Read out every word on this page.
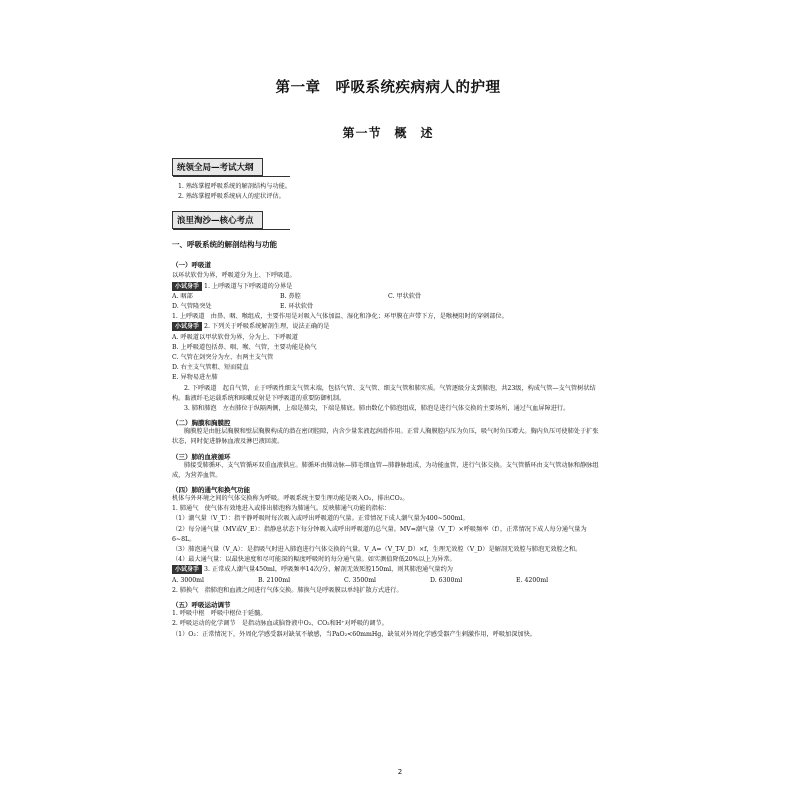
第一章　呼吸系统疾病病人的护理
第一节　概　述
统领全局—考试大纲
1. 熟练掌握呼吸系统的解剖结构与功能。
2. 熟练掌握呼吸系统病人的症状评估。
浪里淘沙—核心考点
一、呼吸系统的解剖结构与功能
（一）呼吸道
以环状软骨为界，呼吸道分为上、下呼吸道。
小试身手 1. 上呼吸道与下呼吸道的分界是
A. 咽部	B. 鼻腔	C. 甲状软骨
D. 气管隆突处	E. 环状软骨
1. 上呼吸道　由鼻、咽、喉组成，主要作用是对吸入气体加温、湿化和净化；环甲膜在声带下方，是喉梗阻时的穿刺部位。
小试身手 2. 下列关于呼吸系统解剖生理，说法正确的是
A. 呼吸道以甲状软骨为界，分为上、下呼吸道
B. 上呼吸道包括鼻、咽、喉、气管，主要功能是换气
C. 气管在剑突分为左、右两主支气管
D. 右主支气管粗、短而陡直
E. 异物易进左肺
2. 下呼吸道　起自气管，止于呼吸性细支气管末端，包括气管、支气管、细支气管和肺实质。气管逐级分支到肺泡，共23级，构成气管—支气管树状结构。黏液纤毛运载系统和咳嗽反射是下呼吸道的重要防御机制。
3. 肺和肺泡　左右肺位于纵隔两侧，上端是肺尖，下端是肺底。肺由数亿个肺泡组成，肺泡是进行气体交换的主要场所，通过气血屏障进行。
（二）胸膜和胸膜腔
胸膜腔是由脏层胸膜和壁层胸膜构成的潜在密闭腔隙，内含少量浆液起润滑作用。正常人胸膜腔内压为负压，吸气时负压增大。胸内负压可使肺处于扩张状态，同时促进静脉血液及淋巴液回流。
（三）肺的血液循环
肺接受肺循环、支气管循环双重血液供应。肺循环由肺动脉—肺毛细血管—肺静脉组成，为功能血管，进行气体交换。支气管循环由支气管动脉和静脉组成，为营养血管。
（四）肺的通气和换气功能
机体与外环境之间的气体交换称为呼吸。呼吸系统主要生理功能是吸入O₂，排出CO₂。
1. 肺通气　使气体有效地进入或排出肺泡称为肺通气。反映肺通气功能的指标：
（1）潮气量（V_T）：指平静呼吸时每次吸入或呼出呼吸道的气量。正常情况下成人潮气量为400~500ml。
（2）每分通气量（MV或V_E）：指静息状态下每分钟吸入或呼出呼吸道的总气量。MV=潮气量（V_T）×呼吸频率（f），正常情况下成人每分通气量为6~8L。
（3）肺泡通气量（V_A）：是指吸气时进入肺泡进行气体交换的气量。V_A=（V_T-V_D）×f，生理无效腔（V_D）是解剖无效腔与肺泡无效腔之和。
（4）最大通气量：以最快速度和尽可能深的幅度呼吸时的每分通气量。如实测值降低20%以上为异常。
小试身手 3. 正常成人潮气量450ml，呼吸频率14次/分，解剖无效死腔150ml，则其肺泡通气量约为
A. 3000ml	B. 2100ml	C. 3500ml	D. 6300ml	E. 4200ml
2. 肺换气　指肺泡和血液之间进行气体交换。肺换气是呼吸膜以单纯扩散方式进行。
（五）呼吸运动调节
1. 呼吸中枢　呼吸中枢位于延髓。
2. 呼吸运动的化学调节　是指动脉血或脑脊液中O₂、CO₂和H⁺对呼吸的调节。
（1）O₂：正常情况下，外周化学感受器对缺氧不敏感，当PaO₂<60mmHg，缺氧对外周化学感受器产生刺激作用，呼吸加深加快。
2
